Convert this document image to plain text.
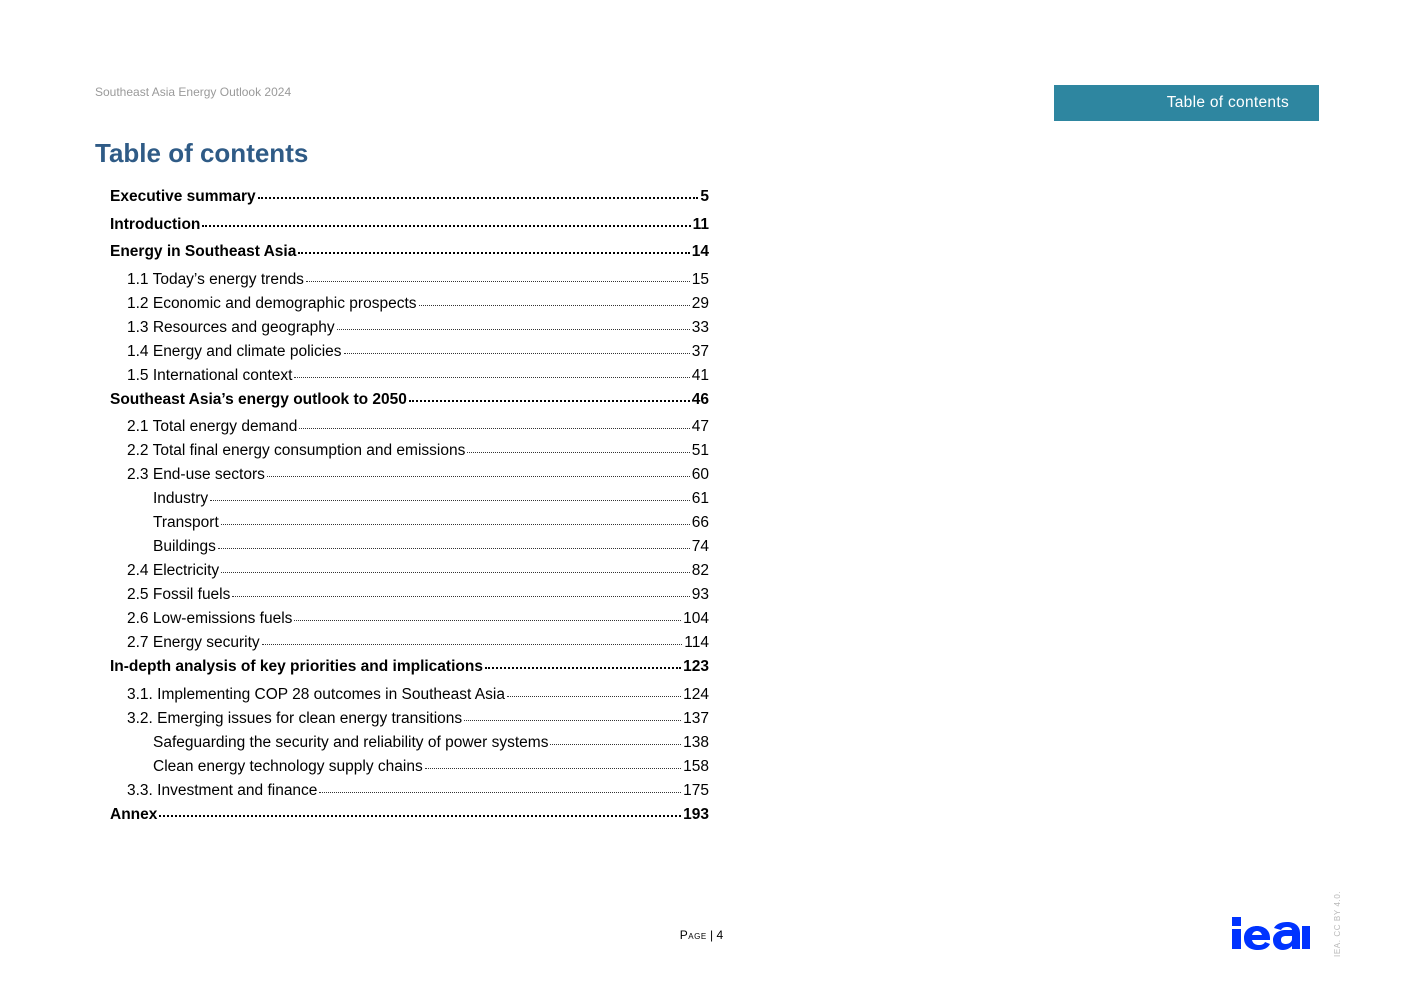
Southeast Asia Energy Outlook 2024
Table of contents
Table of contents
Executive summary	5
Introduction	11
Energy in Southeast Asia	14
1.1 Today’s energy trends	15
1.2 Economic and demographic prospects	29
1.3 Resources and geography	33
1.4 Energy and climate policies	37
1.5 International context	41
Southeast Asia’s energy outlook to 2050	46
2.1 Total energy demand	47
2.2 Total final energy consumption and emissions	51
2.3 End-use sectors	60
Industry	61
Transport	66
Buildings	74
2.4 Electricity	82
2.5 Fossil fuels	93
2.6 Low-emissions fuels	104
2.7 Energy security	114
In-depth analysis of key priorities and implications	123
3.1. Implementing COP 28 outcomes in Southeast Asia	124
3.2. Emerging issues for clean energy transitions	137
Safeguarding the security and reliability of power systems	138
Clean energy technology supply chains	158
3.3. Investment and finance	175
Annex	193
Page | 4	IEA. CC BY 4.0.
